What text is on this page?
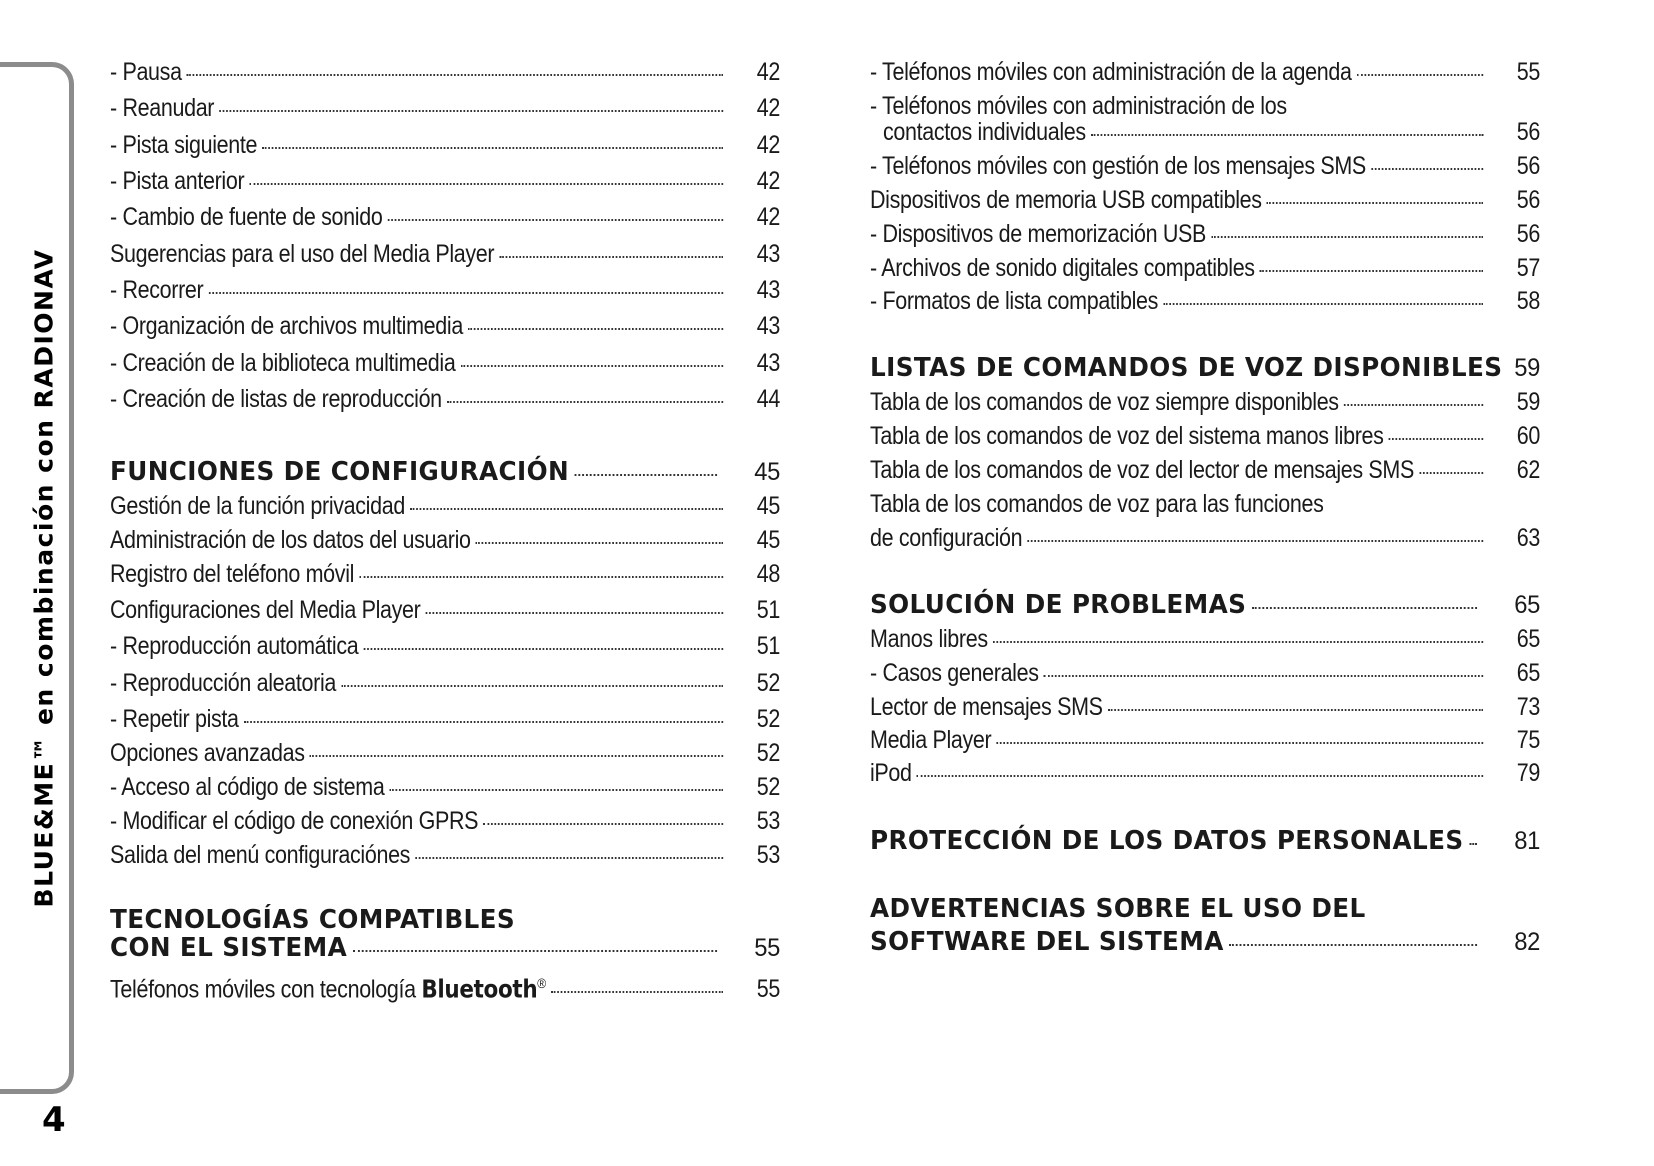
BLUE&ME™ en combinación con RADIONAV
4
- Pausa	42
- Reanudar	42
- Pista siguiente	42
- Pista anterior	42
- Cambio de fuente de sonido	42
Sugerencias para el uso del Media Player	43
- Recorrer	43
- Organización de archivos multimedia	43
- Creación de la biblioteca multimedia	43
- Creación de listas de reproducción	44
FUNCIONES DE CONFIGURACIÓN	45
Gestión de la función privacidad	45
Administración de los datos del usuario	45
Registro del teléfono móvil	48
Configuraciones del Media Player	51
- Reproducción automática	51
- Reproducción aleatoria	52
- Repetir pista	52
Opciones avanzadas	52
- Acceso al código de sistema	52
- Modificar el código de conexión GPRS	53
Salida del menú configuraciónes	53
TECNOLOGÍAS COMPATIBLES
CON EL SISTEMA	55
Teléfonos móviles con tecnología Bluetooth®	55
- Teléfonos móviles con administración de la agenda	55
- Teléfonos móviles con administración de los
contactos individuales	56
- Teléfonos móviles con gestión de los mensajes SMS	56
Dispositivos de memoria USB compatibles	56
- Dispositivos de memorización USB	56
- Archivos de sonido digitales compatibles	57
- Formatos de lista compatibles	58
LISTAS DE COMANDOS DE VOZ DISPONIBLES 59
Tabla de los comandos de voz siempre disponibles	59
Tabla de los comandos de voz del sistema manos libres	60
Tabla de los comandos de voz del lector de mensajes SMS	62
Tabla de los comandos de voz para las funciones
de configuración	63
SOLUCIÓN DE PROBLEMAS	65
Manos libres	65
- Casos generales	65
Lector de mensajes SMS	73
Media Player	75
iPod	79
PROTECCIÓN DE LOS DATOS PERSONALES	81
ADVERTENCIAS SOBRE EL USO DEL
SOFTWARE DEL SISTEMA	82
